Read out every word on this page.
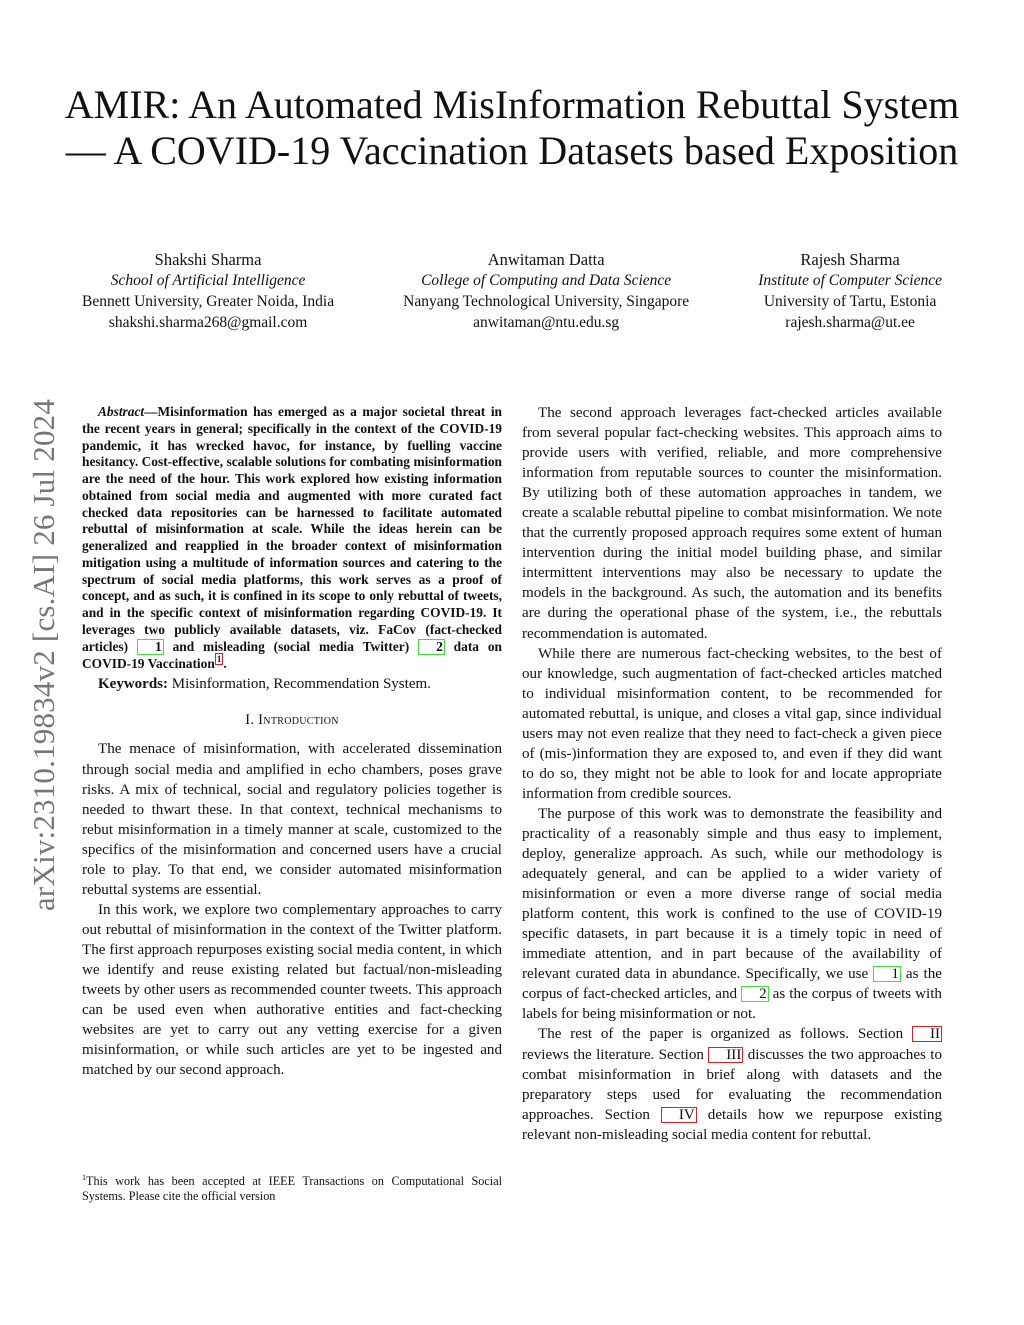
AMIR: An Automated MisInformation Rebuttal System — A COVID-19 Vaccination Datasets based Exposition
Shakshi Sharma
School of Artificial Intelligence
Bennett University, Greater Noida, India
shakshi.sharma268@gmail.com
Anwitaman Datta
College of Computing and Data Science
Nanyang Technological University, Singapore
anwitaman@ntu.edu.sg
Rajesh Sharma
Institute of Computer Science
University of Tartu, Estonia
rajesh.sharma@ut.ee
arXiv:2310.19834v2 [cs.AI] 26 Jul 2024	Abstract—Misinformation has emerged as a major societal threat in the recent years in general; specifically in the context of the COVID-19 pandemic, it has wrecked havoc, for instance, by fuelling vaccine hesitancy. Cost-effective, scalable solutions for combating misinformation are the need of the hour. This work explored how existing information obtained from social media and augmented with more curated fact checked data repositories can be harnessed to facilitate automated rebuttal of misinformation at scale. While the ideas herein can be generalized and reapplied in the broader context of misinformation mitigation using a multitude of information sources and catering to the spectrum of social media platforms, this work serves as a proof of concept, and as such, it is confined in its scope to only rebuttal of tweets, and in the specific context of misinformation regarding COVID-19. It leverages two publicly available datasets, viz. FaCov (fact-checked articles) 1 and misleading (social media Twitter) 2 data on COVID-19 Vaccination $^1$ .

Keywords: Misinformation, Recommendation System.

I. Introduction

The menace of misinformation, with accelerated dissemination through social media and amplified in echo chambers, poses grave risks. A mix of technical, social and regulatory policies together is needed to thwart these. In that context, technical mechanisms to rebut misinformation in a timely manner at scale, customized to the specifics of the misinformation and concerned users have a crucial role to play. To that end, we consider automated misinformation rebuttal systems are essential.

In this work, we explore two complementary approaches to carry out rebuttal of misinformation in the context of the Twitter platform. The first approach repurposes existing social media content, in which we identify and reuse existing related but factual/non-misleading tweets by other users as recommended counter tweets. This approach can be used even when authorative entities and fact-checking websites are yet to carry out any vetting exercise for a given misinformation, or while such articles are yet to be ingested and matched by our second approach.

$^1$This work has been accepted at IEEE Transactions on Computational Social Systems. Please cite the official version

The second approach leverages fact-checked articles available from several popular fact-checking websites. This approach aims to provide users with verified, reliable, and more comprehensive information from reputable sources to counter the misinformation. By utilizing both of these automation approaches in tandem, we create a scalable rebuttal pipeline to combat misinformation. We note that the currently proposed approach requires some extent of human intervention during the initial model building phase, and similar intermittent interventions may also be necessary to update the models in the background. As such, the automation and its benefits are during the operational phase of the system, i.e., the rebuttals recommendation is automated.

While there are numerous fact-checking websites, to the best of our knowledge, such augmentation of fact-checked articles matched to individual misinformation content, to be recommended for automated rebuttal, is unique, and closes a vital gap, since individual users may not even realize that they need to fact-check a given piece of (mis-)information they are exposed to, and even if they did want to do so, they might not be able to look for and locate appropriate information from credible sources.

The purpose of this work was to demonstrate the feasibility and practicality of a reasonably simple and thus easy to implement, deploy, generalize approach. As such, while our methodology is adequately general, and can be applied to a wider variety of misinformation or even a more diverse range of social media platform content, this work is confined to the use of COVID-19 specific datasets, in part because it is a timely topic in need of immediate attention, and in part because of the availability of relevant curated data in abundance. Specifically, we use 1 as the corpus of fact-checked articles, and 2 as the corpus of tweets with labels for being misinformation or not.

The rest of the paper is organized as follows. Section II reviews the literature. Section III discusses the two approaches to combat misinformation in brief along with datasets and the preparatory steps used for evaluating the recommendation approaches. Section IV details how we repurpose existing relevant non-misleading social media content for rebuttal.
